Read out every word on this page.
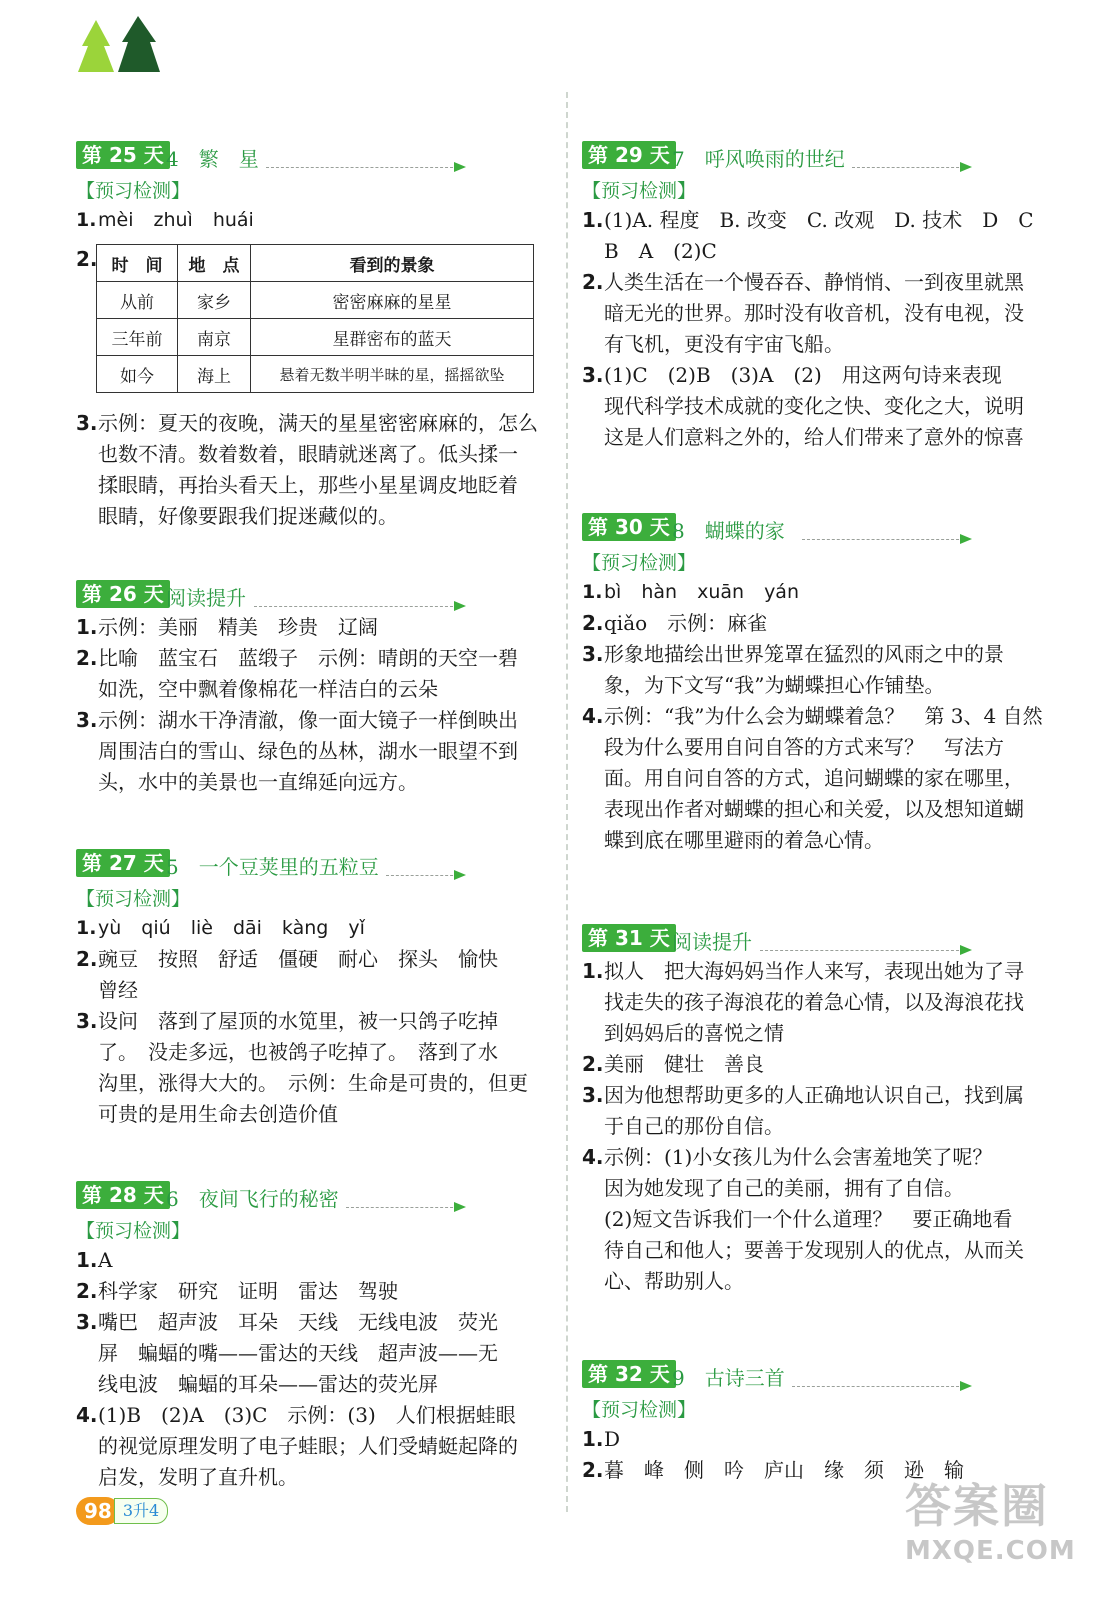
第 25 天 4　繁　星
【预习检测】
1.mèi zhuì huái
2. 时　间	地　点	看到的景象
从前	家乡	密密麻麻的星星
三年前	南京	星群密布的蓝天
如今	海上	悬着无数半明半昧的星，摇摇欲坠
3.示例：夏天的夜晚，满天的星星密密麻麻的，怎么
也数不清。数着数着，眼睛就迷离了。低头揉一
揉眼睛，再抬头看天上，那些小星星调皮地眨着
眼睛，好像要跟我们捉迷藏似的。
第 26 天 阅读提升
1.示例：美丽　精美　珍贵　辽阔
2.比喻　蓝宝石　蓝缎子　示例：晴朗的天空一碧
如洗，空中飘着像棉花一样洁白的云朵
3.示例：湖水干净清澈，像一面大镜子一样倒映出
周围洁白的雪山、绿色的丛林，湖水一眼望不到
头，水中的美景也一直绵延向远方。
第 27 天 5　一个豆荚里的五粒豆
【预习检测】
1.yù qiú liè dāi kàng yǐ
2.豌豆　按照　舒适　僵硬　耐心　探头　愉快
曾经
3.设问　落到了屋顶的水笕里，被一只鸽子吃掉
了。　没走多远，也被鸽子吃掉了。　落到了水
沟里，涨得大大的。　示例：生命是可贵的，但更
可贵的是用生命去创造价值
第 28 天 6　夜间飞行的秘密
【预习检测】
1.A
2.科学家　研究　证明　雷达　驾驶
3.嘴巴　超声波　耳朵　天线　无线电波　荧光
屏　蝙蝠的嘴——雷达的天线　超声波——无
线电波　蝙蝠的耳朵——雷达的荧光屏
4.(1)B　(2)A　(3)C　示例：(3)　人们根据蛙眼
的视觉原理发明了电子蛙眼；人们受蜻蜓起降的
启发，发明了直升机。
第 29 天 7　呼风唤雨的世纪
【预习检测】
1.(1)A. 程度　B. 改变　C. 改观　D. 技术　D　C
B　A　(2)C
2.人类生活在一个慢吞吞、静悄悄、一到夜里就黑
暗无光的世界。那时没有收音机，没有电视，没
有飞机，更没有宇宙飞船。
3.(1)C　(2)B　(3)A　(2)　用这两句诗来表现
现代科学技术成就的变化之快、变化之大，说明
这是人们意料之外的，给人们带来了意外的惊喜
第 30 天 8　蝴蝶的家
【预习检测】
1.bì hàn xuān yán
2.qiǎo　示例：麻雀
3.形象地描绘出世界笼罩在猛烈的风雨之中的景
象，为下文写“我”为蝴蝶担心作铺垫。
4.示例：“我”为什么会为蝴蝶着急？　第 3、4 自然
段为什么要用自问自答的方式来写？　写法方
面。用自问自答的方式，追问蝴蝶的家在哪里，
表现出作者对蝴蝶的担心和关爱，以及想知道蝴
蝶到底在哪里避雨的着急心情。
第 31 天 阅读提升
1.拟人　把大海妈妈当作人来写，表现出她为了寻
找走失的孩子海浪花的着急心情，以及海浪花找
到妈妈后的喜悦之情
2.美丽　健壮　善良
3.因为他想帮助更多的人正确地认识自己，找到属
于自己的那份自信。
4.示例：(1)小女孩儿为什么会害羞地笑了呢？
因为她发现了自己的美丽，拥有了自信。
(2)短文告诉我们一个什么道理？　要正确地看
待自己和他人；要善于发现别人的优点，从而关
心、帮助别人。
第 32 天 9　古诗三首
【预习检测】
1.D
2.暮　峰　侧　吟　庐山　缘　须　逊　输
98 3升4	答案圈
MXQE.COM
